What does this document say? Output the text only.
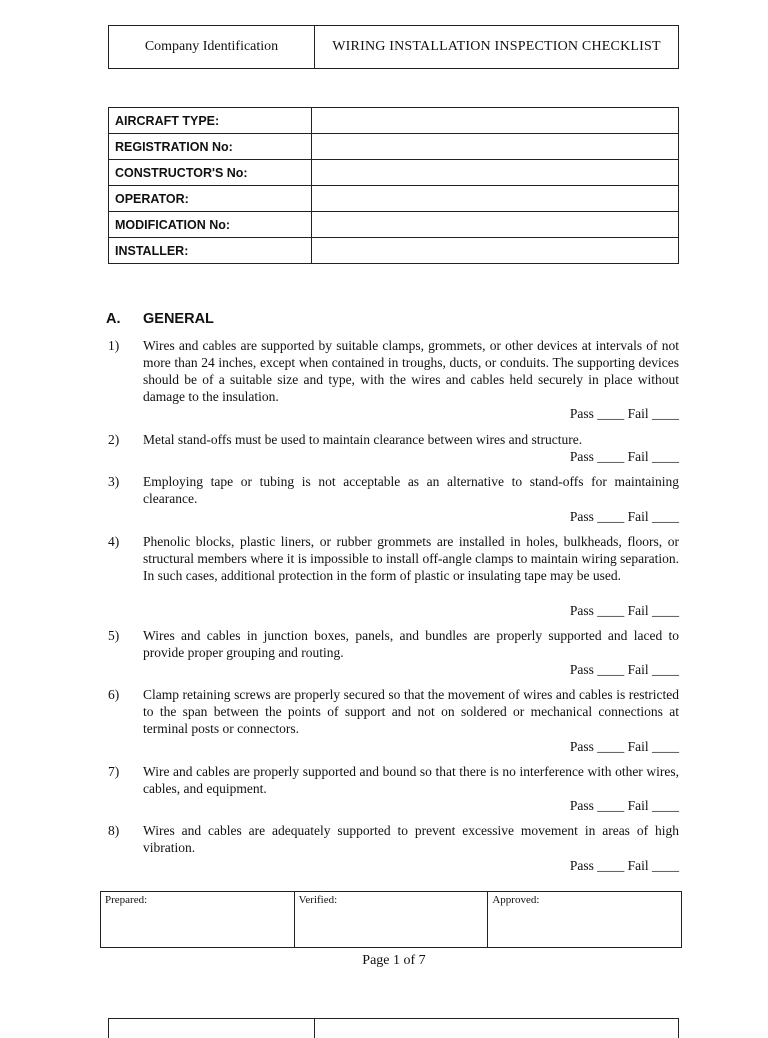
Company Identification	WIRING INSTALLATION INSPECTION CHECKLIST
AIRCRAFT TYPE:	
REGISTRATION No:	
CONSTRUCTOR'S No:	
OPERATOR:	
MODIFICATION No:	
INSTALLER:	
A. GENERAL
1) Wires and cables are supported by suitable clamps, grommets, or other devices at intervals of not more than 24 inches, except when contained in troughs, ducts, or conduits. The supporting devices should be of a suitable size and type, with the wires and cables held securely in place without damage to the insulation.
Pass ____ Fail ____
2) Metal stand-offs must be used to maintain clearance between wires and structure.
Pass ____ Fail ____
3) Employing tape or tubing is not acceptable as an alternative to stand-offs for maintaining clearance.
Pass ____ Fail ____
4) Phenolic blocks, plastic liners, or rubber grommets are installed in holes, bulkheads, floors, or structural members where it is impossible to install off-angle clamps to maintain wiring separation. In such cases, additional protection in the form of plastic or insulating tape may be used.
Pass ____ Fail ____
5) Wires and cables in junction boxes, panels, and bundles are properly supported and laced to provide proper grouping and routing.
Pass ____ Fail ____
6) Clamp retaining screws are properly secured so that the movement of wires and cables is restricted to the span between the points of support and not on soldered or mechanical connections at terminal posts or connectors.
Pass ____ Fail ____
7) Wire and cables are properly supported and bound so that there is no interference with other wires, cables, and equipment.
Pass ____ Fail ____
8) Wires and cables are adequately supported to prevent excessive movement in areas of high vibration.
Pass ____ Fail ____
Prepared:	Verified:	Approved:
Page 1 of 7
